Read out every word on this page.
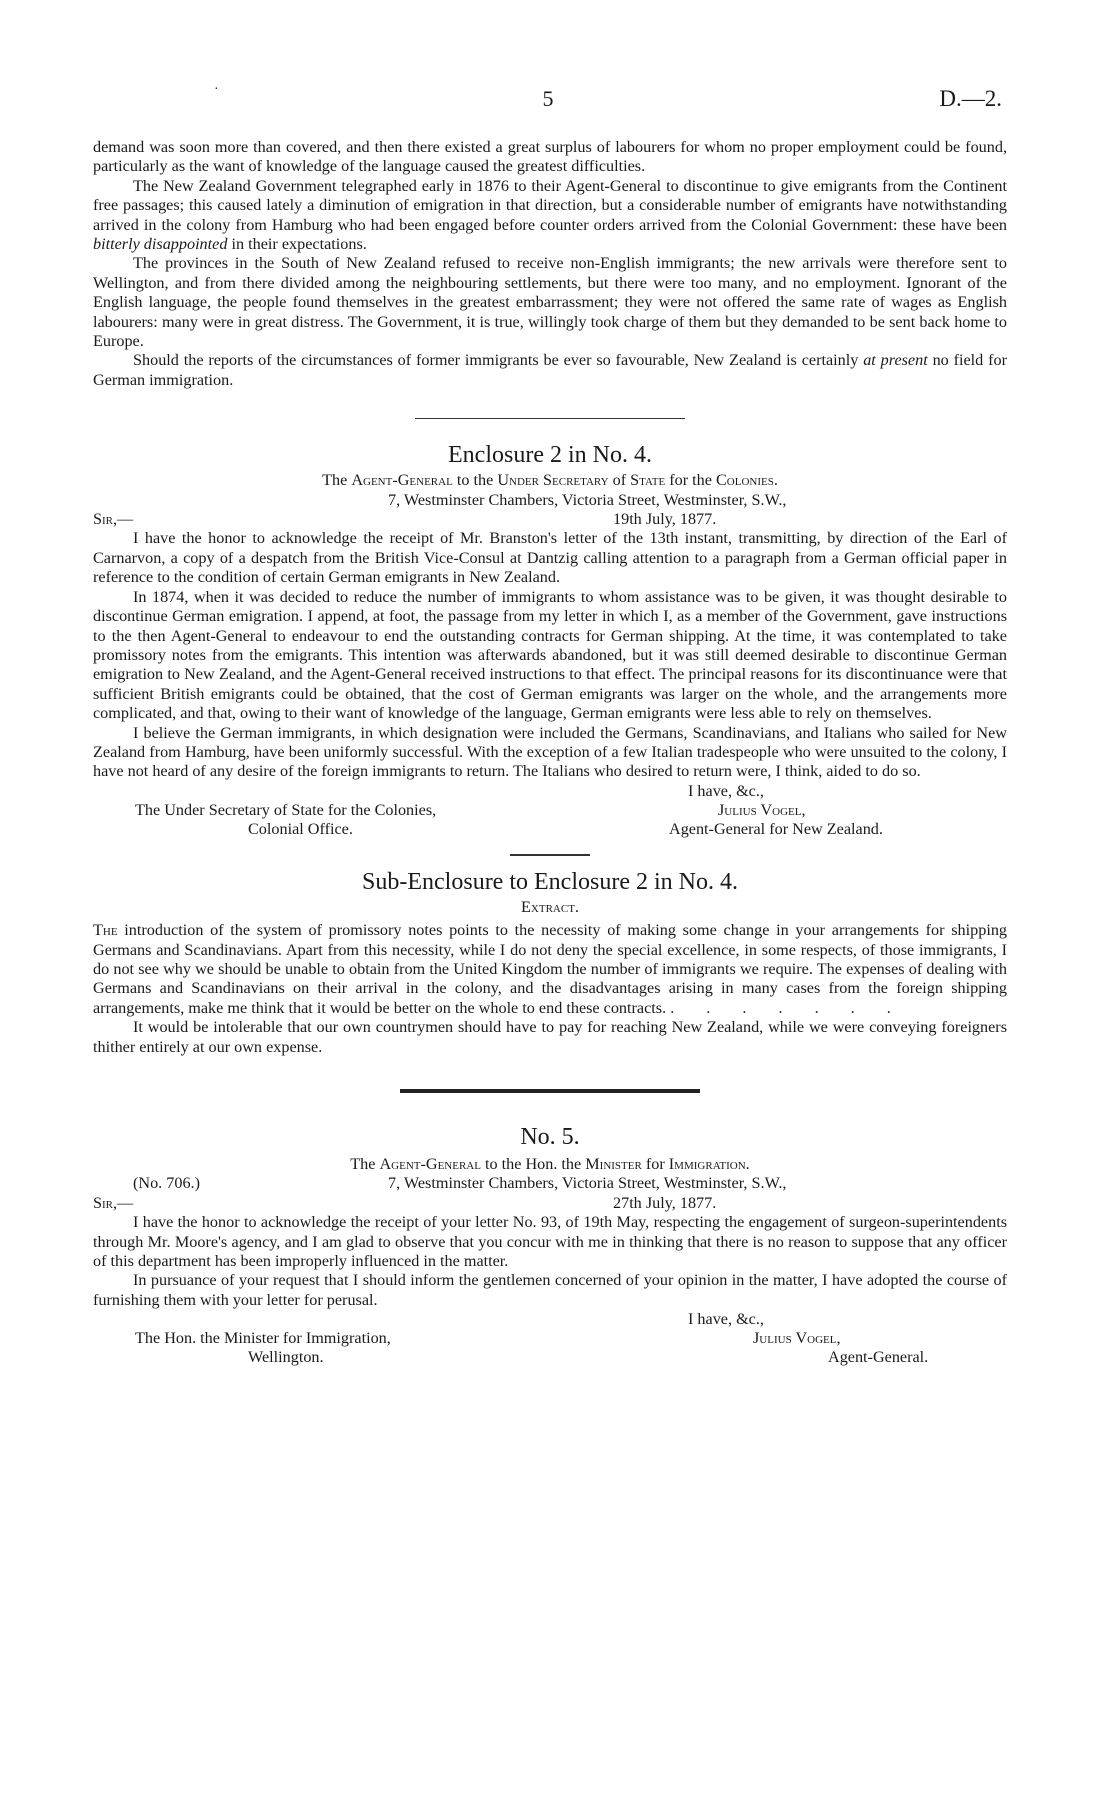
·	5	D.—2.

demand was soon more than covered, and then there existed a great surplus of labourers for whom no proper employment could be found, particularly as the want of knowledge of the language caused the greatest difficulties.

The New Zealand Government telegraphed early in 1876 to their Agent-General to discontinue to give emigrants from the Continent free passages; this caused lately a diminution of emigration in that direction, but a considerable number of emigrants have notwithstanding arrived in the colony from Hamburg who had been engaged before counter orders arrived from the Colonial Government: these have been bitterly disappointed in their expectations.

The provinces in the South of New Zealand refused to receive non-English immigrants; the new arrivals were therefore sent to Wellington, and from there divided among the neighbouring settlements, but there were too many, and no employment. Ignorant of the English language, the people found themselves in the greatest embarrassment; they were not offered the same rate of wages as English labourers: many were in great distress. The Government, it is true, willingly took charge of them but they demanded to be sent back home to Europe.

Should the reports of the circumstances of former immigrants be ever so favourable, New Zealand is certainly at present no field for German immigration.

Enclosure 2 in No. 4.
The Agent-General to the Under Secretary of State for the Colonies.
7, Westminster Chambers, Victoria Street, Westminster, S.W.,
Sir,—	19th July, 1877.

I have the honor to acknowledge the receipt of Mr. Branston's letter of the 13th instant, transmitting, by direction of the Earl of Carnarvon, a copy of a despatch from the British Vice-Consul at Dantzig calling attention to a paragraph from a German official paper in reference to the condition of certain German emigrants in New Zealand.

In 1874, when it was decided to reduce the number of immigrants to whom assistance was to be given, it was thought desirable to discontinue German emigration. I append, at foot, the passage from my letter in which I, as a member of the Government, gave instructions to the then Agent-General to endeavour to end the outstanding contracts for German shipping. At the time, it was contemplated to take promissory notes from the emigrants. This intention was afterwards abandoned, but it was still deemed desirable to discontinue German emigration to New Zealand, and the Agent-General received instructions to that effect. The principal reasons for its discontinuance were that sufficient British emigrants could be obtained, that the cost of German emigrants was larger on the whole, and the arrangements more complicated, and that, owing to their want of knowledge of the language, German emigrants were less able to rely on themselves.

I believe the German immigrants, in which designation were included the Germans, Scandinavians, and Italians who sailed for New Zealand from Hamburg, have been uniformly successful. With the exception of a few Italian tradespeople who were unsuited to the colony, I have not heard of any desire of the foreign immigrants to return. The Italians who desired to return were, I think, aided to do so.

I have, &c.,
The Under Secretary of State for the Colonies,	Julius Vogel,
Colonial Office.	Agent-General for New Zealand.
Sub-Enclosure to Enclosure 2 in No. 4.
Extract.

The introduction of the system of promissory notes points to the necessity of making some change in your arrangements for shipping Germans and Scandinavians. Apart from this necessity, while I do not deny the special excellence, in some respects, of those immigrants, I do not see why we should be unable to obtain from the United Kingdom the number of immigrants we require. The expenses of dealing with Germans and Scandinavians on their arrival in the colony, and the disadvantages arising in many cases from the foreign shipping arrangements, make me think that it would be better on the whole to end these contracts. . . . . . . .

It would be intolerable that our own countrymen should have to pay for reaching New Zealand, while we were conveying foreigners thither entirely at our own expense.

No. 5.
The Agent-General to the Hon. the Minister for Immigration.
(No. 706.)	7, Westminster Chambers, Victoria Street, Westminster, S.W.,
Sir,—	27th July, 1877.

I have the honor to acknowledge the receipt of your letter No. 93, of 19th May, respecting the engagement of surgeon-superintendents through Mr. Moore's agency, and I am glad to observe that you concur with me in thinking that there is no reason to suppose that any officer of this department has been improperly influenced in the matter.

In pursuance of your request that I should inform the gentlemen concerned of your opinion in the matter, I have adopted the course of furnishing them with your letter for perusal.

I have, &c.,
The Hon. the Minister for Immigration,	Julius Vogel,
Wellington.	Agent-General.
